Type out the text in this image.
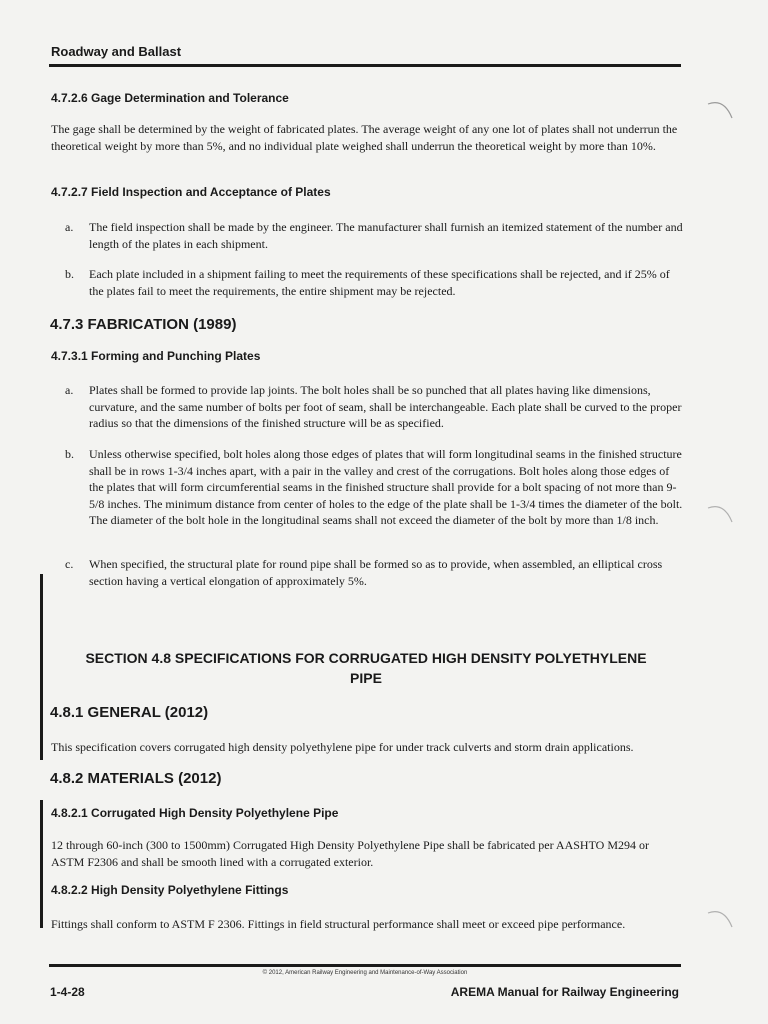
Roadway and Ballast
4.7.2.6 Gage Determination and Tolerance

The gage shall be determined by the weight of fabricated plates. The average weight of any one lot of plates shall not underrun the theoretical weight by more than 5%, and no individual plate weighed shall underrun the theoretical weight by more than 10%.

4.7.2.7 Field Inspection and Acceptance of Plates
a. The field inspection shall be made by the engineer. The manufacturer shall furnish an itemized statement of the number and length of the plates in each shipment.
b. Each plate included in a shipment failing to meet the requirements of these specifications shall be rejected, and if 25% of the plates fail to meet the requirements, the entire shipment may be rejected.
4.7.3 FABRICATION (1989)
4.7.3.1 Forming and Punching Plates
a. Plates shall be formed to provide lap joints. The bolt holes shall be so punched that all plates having like dimensions, curvature, and the same number of bolts per foot of seam, shall be interchangeable. Each plate shall be curved to the proper radius so that the dimensions of the finished structure will be as specified.
b. Unless otherwise specified, bolt holes along those edges of plates that will form longitudinal seams in the finished structure shall be in rows 1-3/4 inches apart, with a pair in the valley and crest of the corrugations. Bolt holes along those edges of the plates that will form circumferential seams in the finished structure shall provide for a bolt spacing of not more than 9-5/8 inches. The minimum distance from center of holes to the edge of the plate shall be 1-3/4 times the diameter of the bolt. The diameter of the bolt hole in the longitudinal seams shall not exceed the diameter of the bolt by more than 1/8 inch.
c. When specified, the structural plate for round pipe shall be formed so as to provide, when assembled, an elliptical cross section having a vertical elongation of approximately 5%.
SECTION 4.8 SPECIFICATIONS FOR CORRUGATED HIGH DENSITY POLYETHYLENE
PIPE
4.8.1 GENERAL (2012)

This specification covers corrugated high density polyethylene pipe for under track culverts and storm drain applications.

4.8.2 MATERIALS (2012)
4.8.2.1 Corrugated High Density Polyethylene Pipe

12 through 60-inch (300 to 1500mm) Corrugated High Density Polyethylene Pipe shall be fabricated per AASHTO M294 or ASTM F2306 and shall be smooth lined with a corrugated exterior.

4.8.2.2 High Density Polyethylene Fittings

Fittings shall conform to ASTM F 2306. Fittings in field structural performance shall meet or exceed pipe performance.

© 2012, American Railway Engineering and Maintenance-of-Way Association
1-4-28	AREMA Manual for Railway Engineering
